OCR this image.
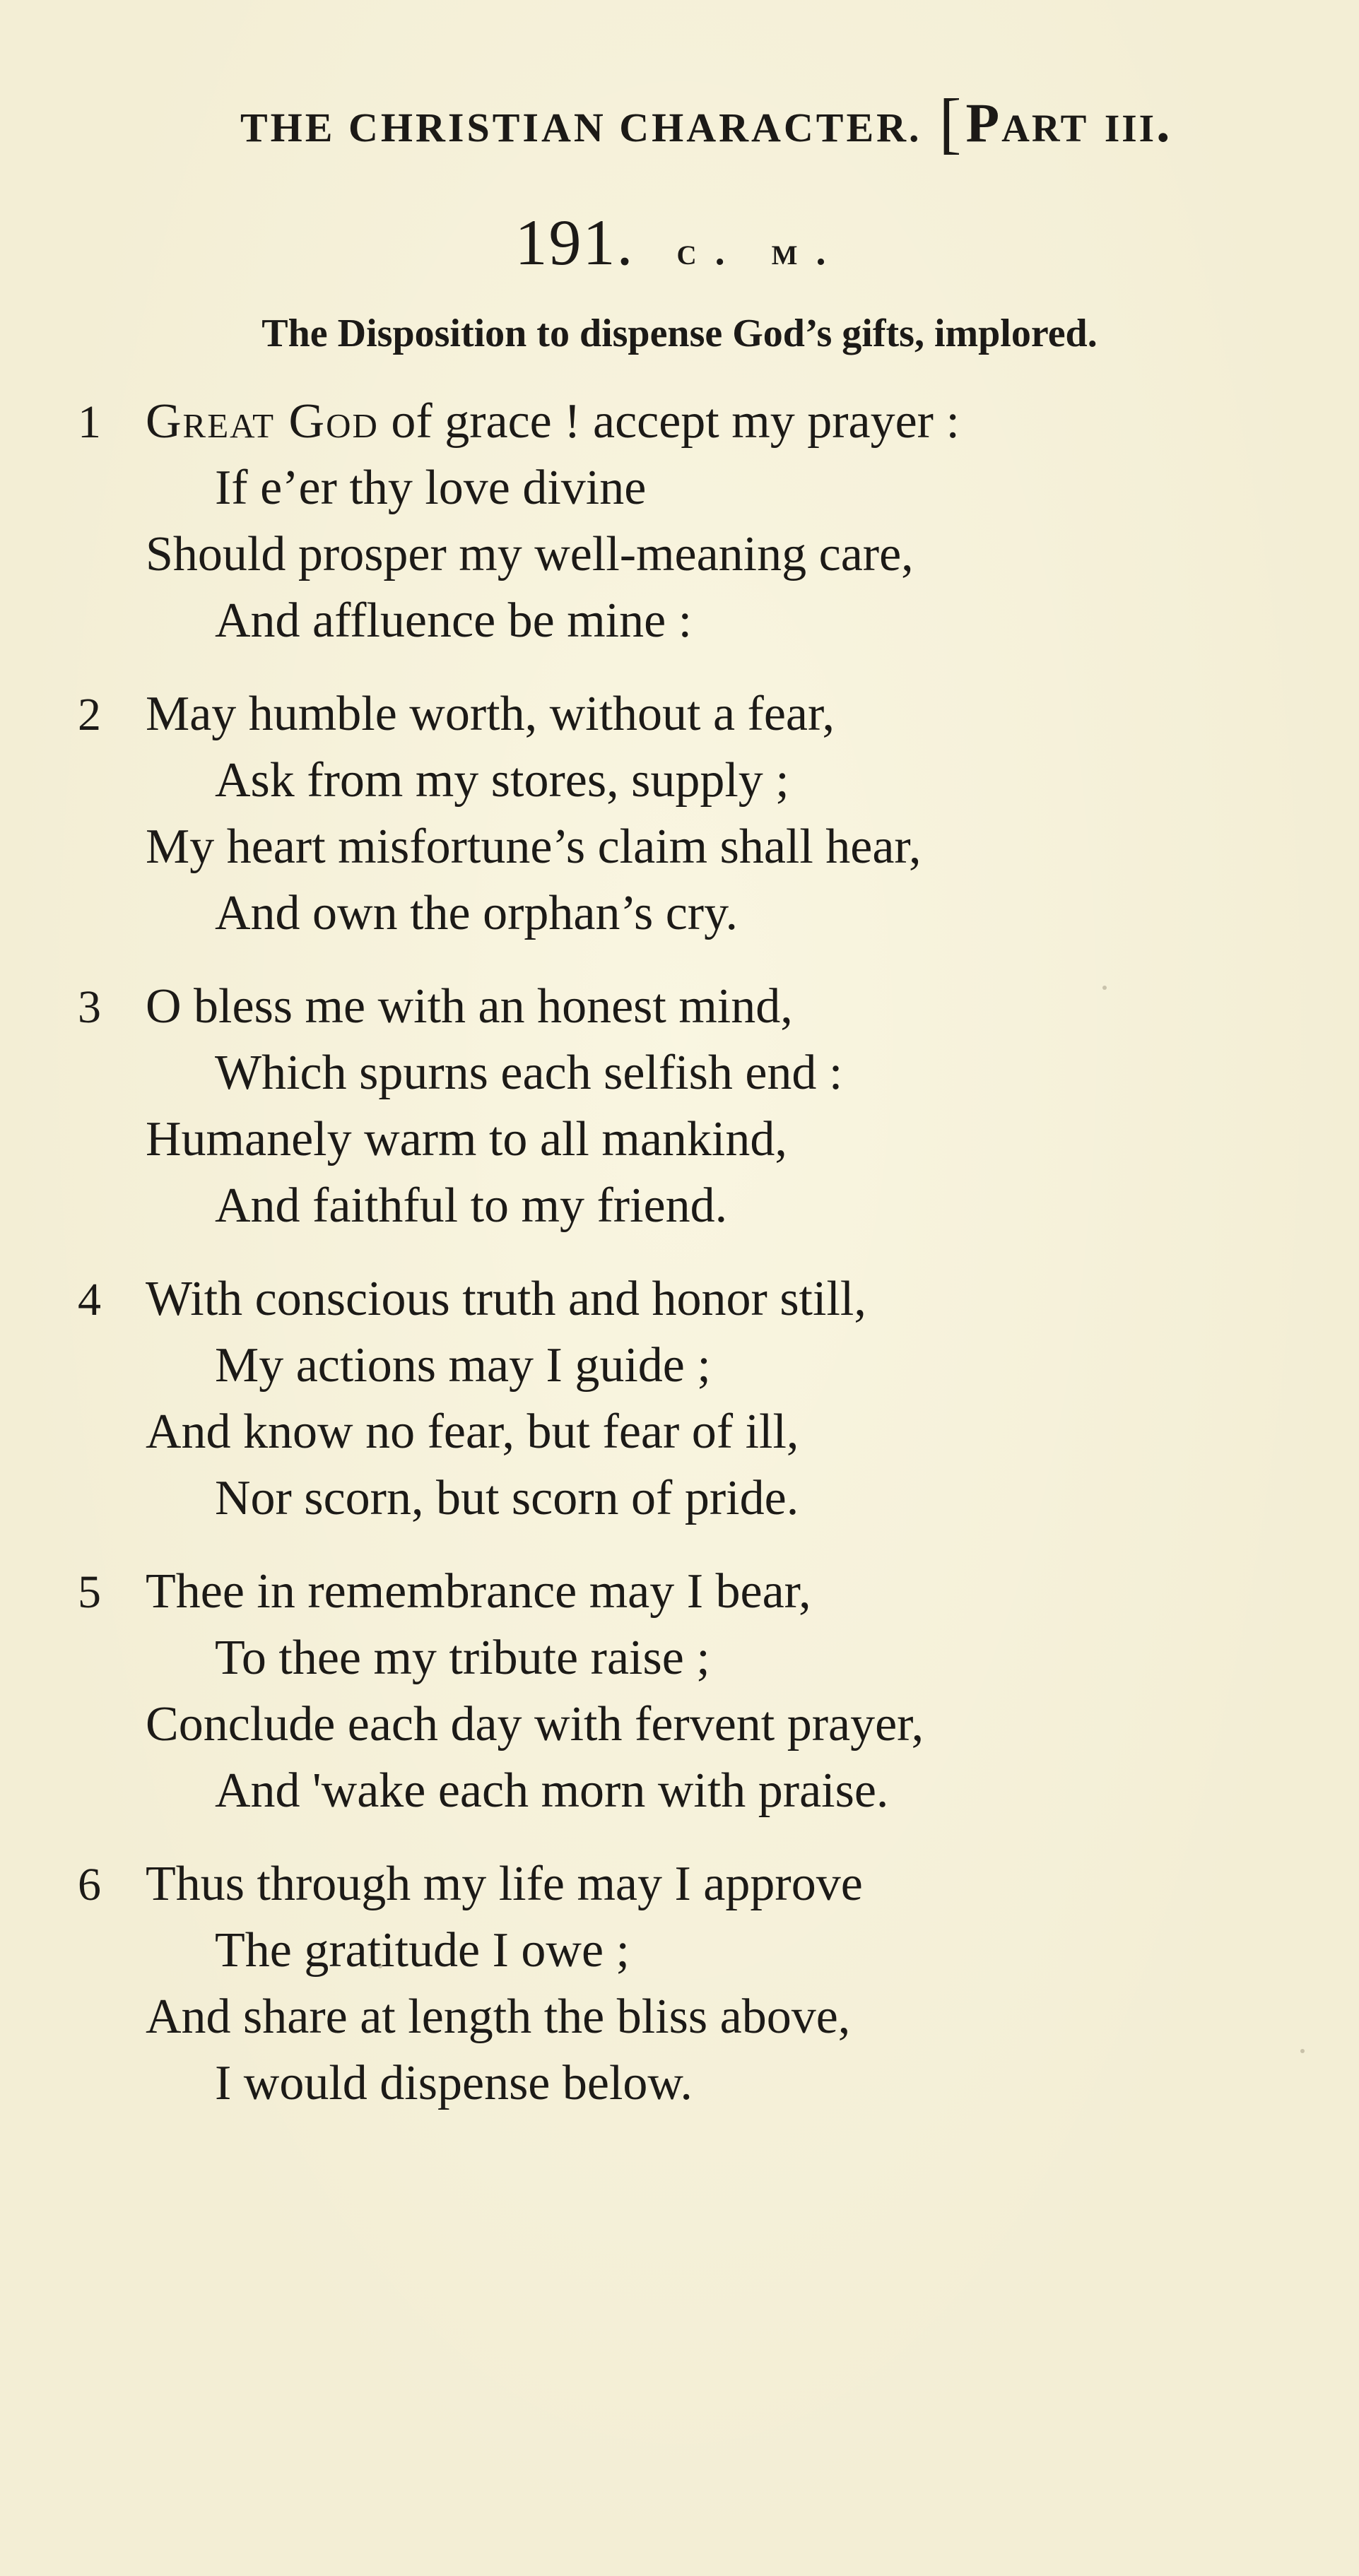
THE CHRISTIAN CHARACTER. [Part iii.
191. c. m.
The Disposition to dispense God’s gifts, implored.
1 Great God of grace ! accept my prayer :
If e’er thy love divine
Should prosper my well-meaning care,
And affluence be mine :
2 May humble worth, without a fear,
Ask from my stores, supply ;
My heart misfortune’s claim shall hear,
And own the orphan’s cry.
3 O bless me with an honest mind,
Which spurns each selfish end :
Humanely warm to all mankind,
And faithful to my friend.
4 With conscious truth and honor still,
My actions may I guide ;
And know no fear, but fear of ill,
Nor scorn, but scorn of pride.
5 Thee in remembrance may I bear,
To thee my tribute raise ;
Conclude each day with fervent prayer,
And 'wake each morn with praise.
6 Thus through my life may I approve
The gratitude I owe ;
And share at length the bliss above,
I would dispense below.
